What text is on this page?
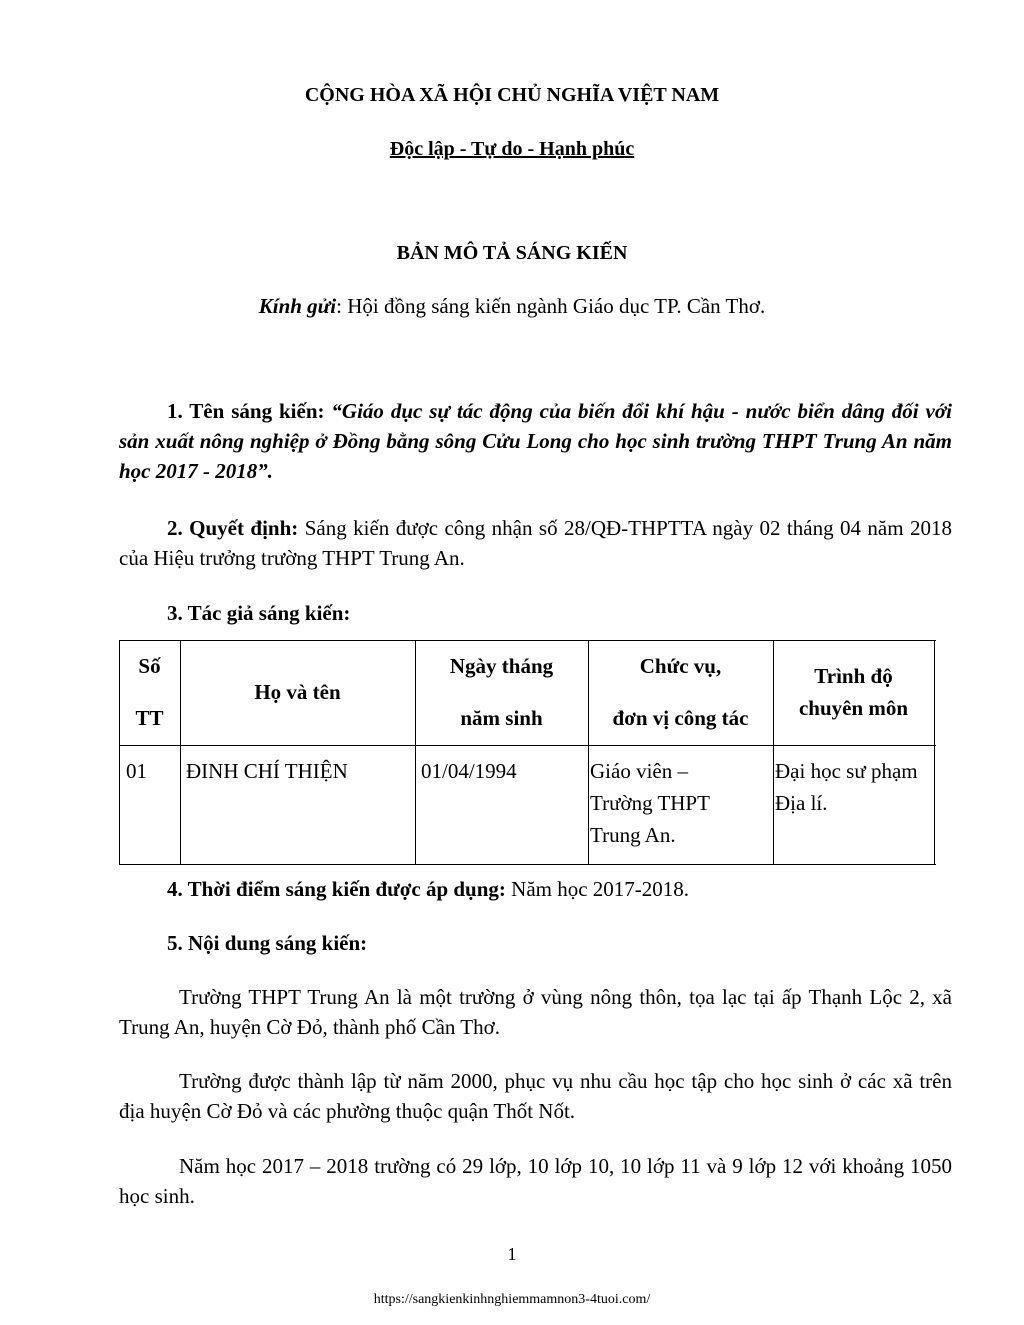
CỘNG HÒA XÃ HỘI CHỦ NGHĨA VIỆT NAM
Độc lập - Tự do - Hạnh phúc
BẢN MÔ TẢ SÁNG KIẾN
Kính gửi: Hội đồng sáng kiến ngành Giáo dục TP. Cần Thơ.
1. Tên sáng kiến: “Giáo dục sự tác động của biến đổi khí hậu - nước biển dâng đối với sản xuất nông nghiệp ở Đồng bằng sông Cửu Long cho học sinh trường THPT Trung An năm học 2017 - 2018”.
2. Quyết định: Sáng kiến được công nhận số 28/QĐ-THPTTA ngày 02 tháng 04 năm 2018 của Hiệu trưởng trường THPT Trung An.
3. Tác giả sáng kiến:
Số
TT
Họ và tên
Ngày tháng
năm sinh
Chức vụ,
đơn vị công tác
Trình độ
chuyên môn
01 ĐINH CHÍ THIỆN	01/04/1994	Giáo viên –
Trường THPT
Trung An.
Đại học sư phạm
Địa lí.
4. Thời điểm sáng kiến được áp dụng: Năm học 2017-2018.
5. Nội dung sáng kiến:
Trường THPT Trung An là một trường ở vùng nông thôn, tọa lạc tại ấp Thạnh Lộc 2, xã Trung An, huyện Cờ Đỏ, thành phố Cần Thơ.
Trường được thành lập từ năm 2000, phục vụ nhu cầu học tập cho học sinh ở các xã trên địa huyện Cờ Đỏ và các phường thuộc quận Thốt Nốt.
Năm học 2017 – 2018 trường có 29 lớp, 10 lớp 10, 10 lớp 11 và 9 lớp 12 với khoảng 1050 học sinh.
1
https://sangkienkinhnghiemmamnon3-4tuoi.com/
